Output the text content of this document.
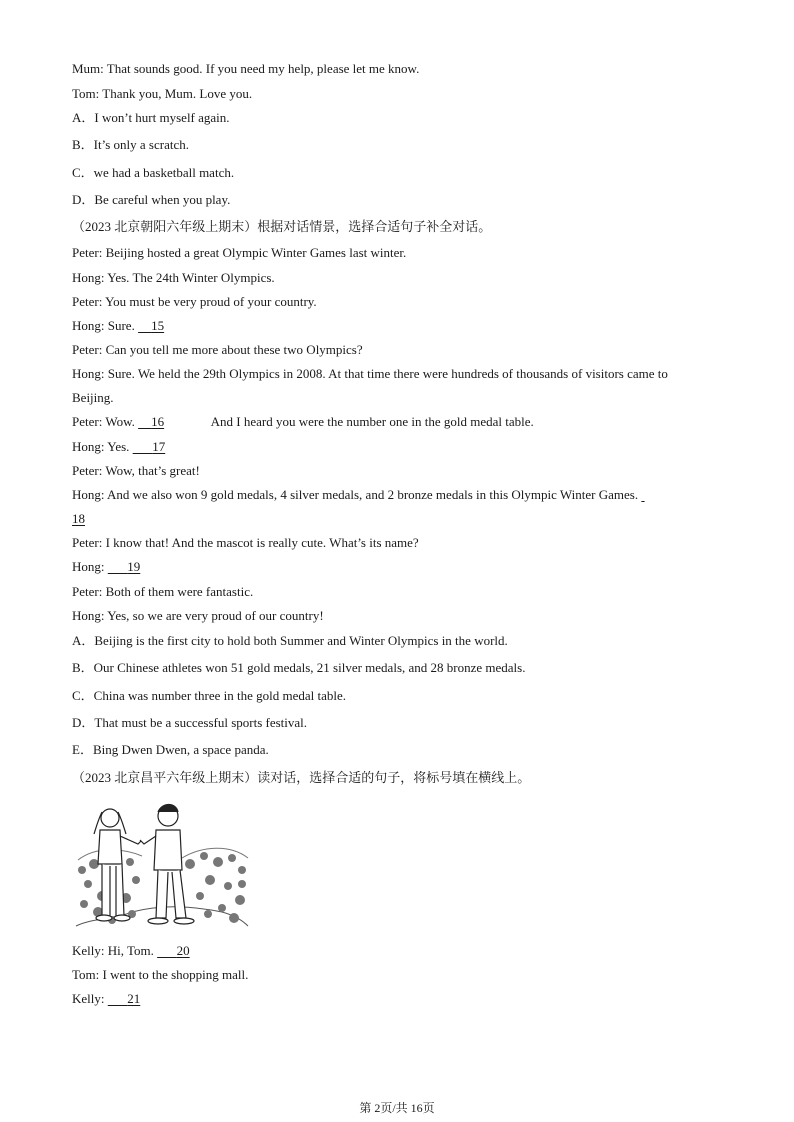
Mum: That sounds good. If you need my help, please let me know.
Tom: Thank you, Mum. Love you.
A．I won’t hurt myself again.
B．It’s only a scratch.
C．we had a basketball match.
D．Be careful when you play.
（2023 北京朝阳六年级上期末）根据对话情景，选择合适句子补全对话。
Peter: Beijing hosted a great Olympic Winter Games last winter.
Hong: Yes. The 24th Winter Olympics.
Peter: You must be very proud of your country.
Hong: Sure.     15
Peter: Can you tell me more about these two Olympics?
Hong: Sure. We held the 29th Olympics in 2008. At that time there were hundreds of thousands of visitors came to
Beijing.
Peter: Wow.     16	And I heard you were the number one in the gold medal table.
Hong: Yes.       17
Peter: Wow, that’s great!
Hong: And we also won 9 gold medals, 4 silver medals, and 2 bronze medals in this Olympic Winter Games.
18
Peter: I know that! And the mascot is really cute. What’s its name?
Hong:       19
Peter: Both of them were fantastic.
Hong: Yes, so we are very proud of our country!
A．Beijing is the first city to hold both Summer and Winter Olympics in the world.
B．Our Chinese athletes won 51 gold medals, 21 silver medals, and 28 bronze medals.
C．China was number three in the gold medal table.
D．That must be a successful sports festival.
E．Bing Dwen Dwen, a space panda.
（2023 北京昌平六年级上期末）读对话，选择合适的句子，将标号填在横线上。
Kelly: Hi, Tom.       20
Tom: I went to the shopping mall.
Kelly:       21
第 2页/共 16页
